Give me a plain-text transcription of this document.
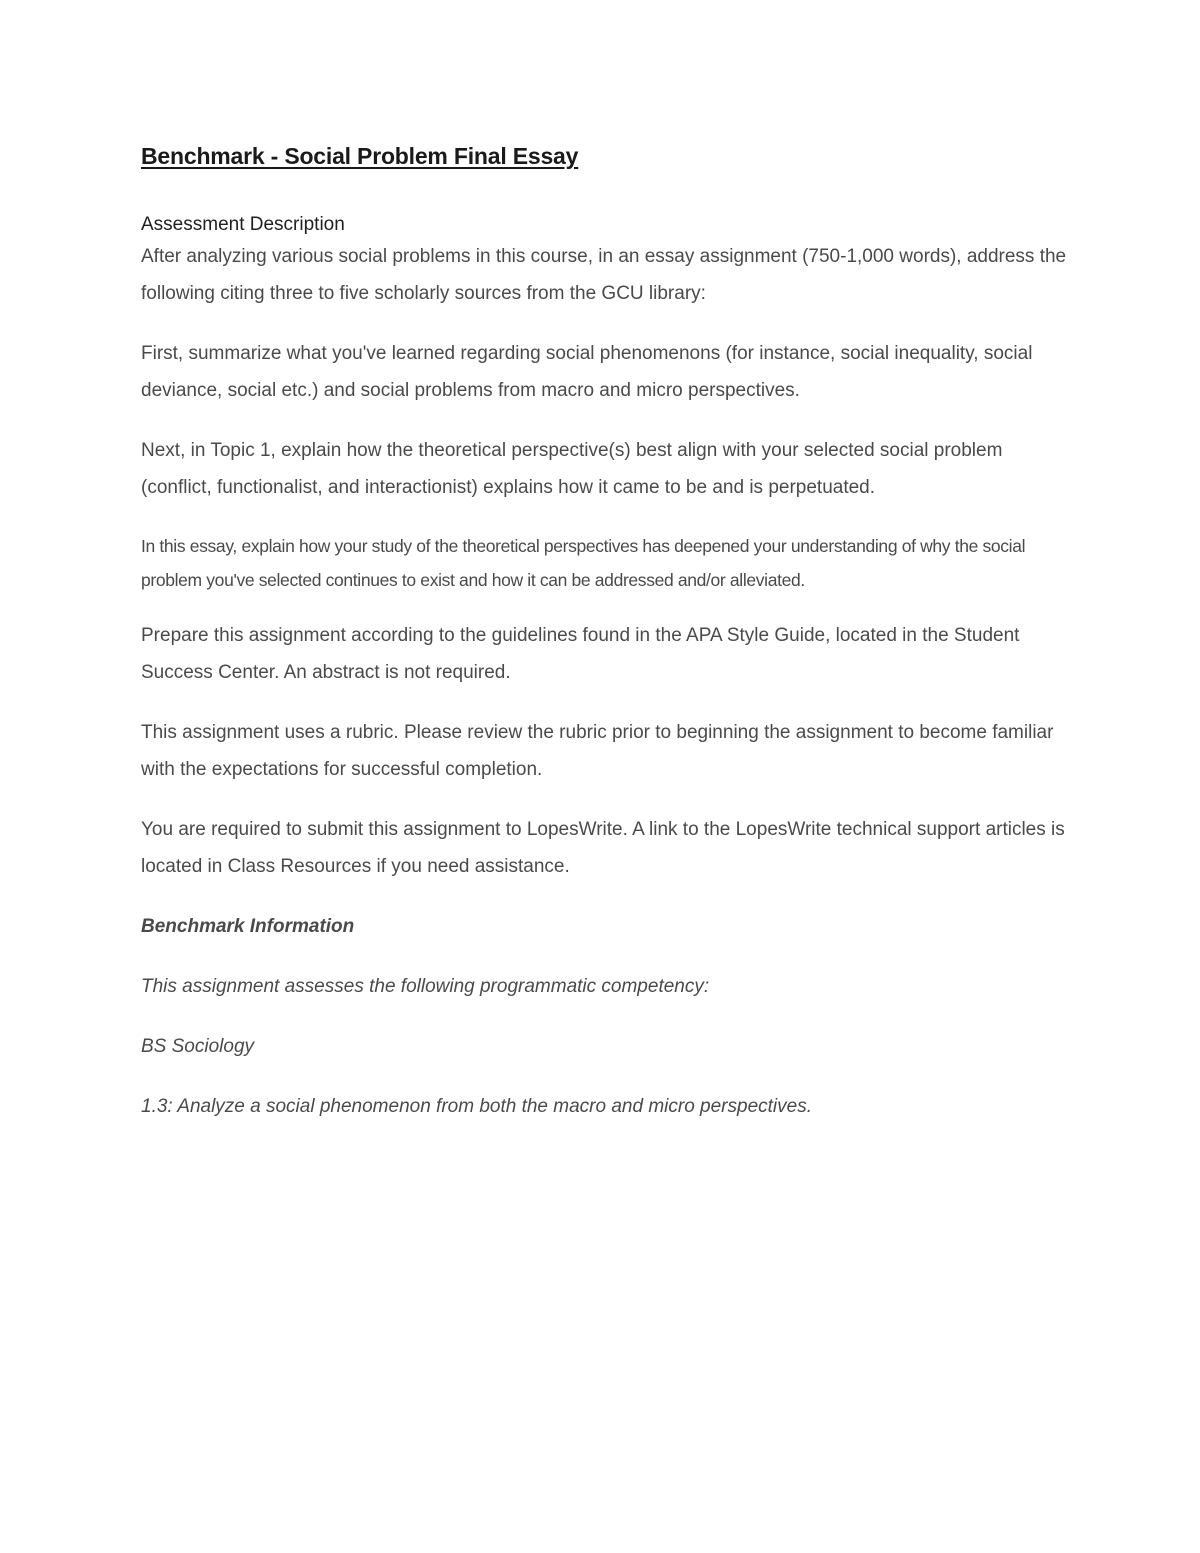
Benchmark - Social Problem Final Essay
Assessment Description

After analyzing various social problems in this course, in an essay assignment (750-1,000 words), address the following citing three to five scholarly sources from the GCU library:

First, summarize what you've learned regarding social phenomenons (for instance, social inequality, social deviance, social etc.) and social problems from macro and micro perspectives.

Next, in Topic 1, explain how the theoretical perspective(s) best align with your selected social problem (conflict, functionalist, and interactionist) explains how it came to be and is perpetuated.

In this essay, explain how your study of the theoretical perspectives has deepened your understanding of why the social problem you've selected continues to exist and how it can be addressed and/or alleviated.

Prepare this assignment according to the guidelines found in the APA Style Guide, located in the Student Success Center. An abstract is not required.

This assignment uses a rubric. Please review the rubric prior to beginning the assignment to become familiar with the expectations for successful completion.

You are required to submit this assignment to LopesWrite. A link to the LopesWrite technical support articles is located in Class Resources if you need assistance.

Benchmark Information

This assignment assesses the following programmatic competency:

BS Sociology

1.3: Analyze a social phenomenon from both the macro and micro perspectives.
